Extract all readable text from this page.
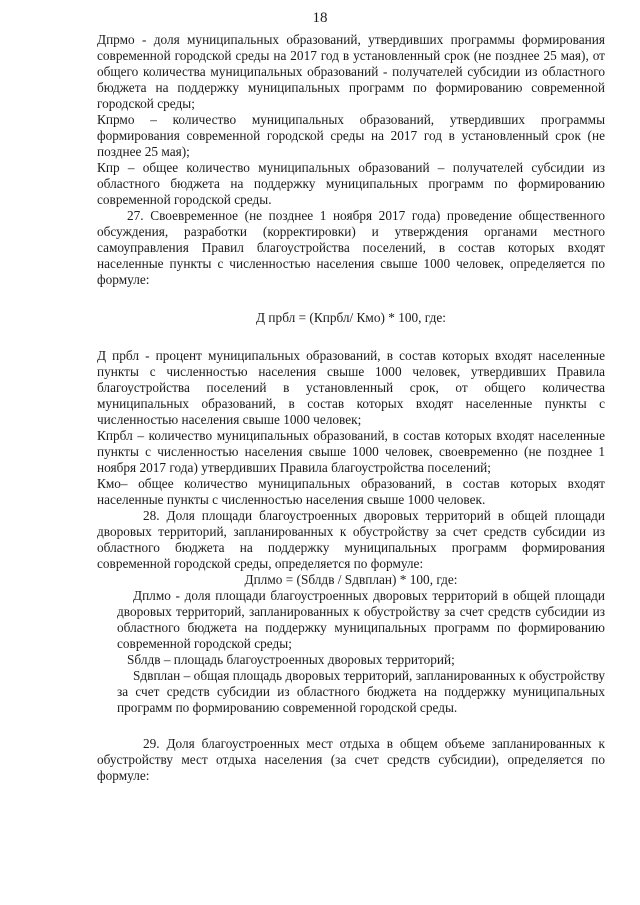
18

Дпрмо - доля муниципальных образований, утвердивших программы формирования современной городской среды на 2017 год в установленный срок (не позднее 25 мая), от общего количества муниципальных образований - получателей субсидии из областного бюджета на поддержку муниципальных программ по формированию современной городской среды;

Кпрмо – количество муниципальных образований, утвердивших программы формирования современной городской среды на 2017 год в установленный срок (не позднее 25 мая);

Кпр – общее количество муниципальных образований – получателей субсидии из областного бюджета на поддержку муниципальных программ по формированию современной городской среды.

27. Своевременное (не позднее 1 ноября 2017 года) проведение общественного обсуждения, разработки (корректировки) и утверждения органами местного самоуправления Правил благоустройства поселений, в состав которых входят населенные пункты с численностью населения свыше 1000 человек, определяется по формуле:

Д прбл = (Кпрбл/ Кмо) * 100, где:

Д прбл - процент муниципальных образований, в состав которых входят населенные пункты с численностью населения свыше 1000 человек, утвердивших Правила благоустройства поселений в установленный срок, от общего количества муниципальных образований, в состав которых входят населенные пункты с численностью населения свыше 1000 человек;

Кпрбл – количество муниципальных образований, в состав которых входят населенные пункты с численностью населения свыше 1000 человек, своевременно (не позднее 1 ноября 2017 года) утвердивших Правила благоустройства поселений;

Кмо– общее количество муниципальных образований, в состав которых входят населенные пункты с численностью населения свыше 1000 человек.

28. Доля площади благоустроенных дворовых территорий в общей площади дворовых территорий, запланированных к обустройству за счет средств субсидии из областного бюджета на поддержку муниципальных программ формирования современной городской среды, определяется по формуле:

Дплмо = (Sблдв / Sдвплан) * 100, где:

Дплмо - доля площади благоустроенных дворовых территорий в общей площади дворовых территорий, запланированных к обустройству за счет средств субсидии из областного бюджета на поддержку муниципальных программ по формированию современной городской среды;

Sблдв – площадь благоустроенных дворовых территорий;

Sдвплан – общая площадь дворовых территорий, запланированных к обустройству за счет средств субсидии из областного бюджета на поддержку муниципальных программ по формированию современной городской среды.

29. Доля благоустроенных мест отдыха в общем объеме запланированных к обустройству мест отдыха населения (за счет средств субсидии), определяется по формуле:
